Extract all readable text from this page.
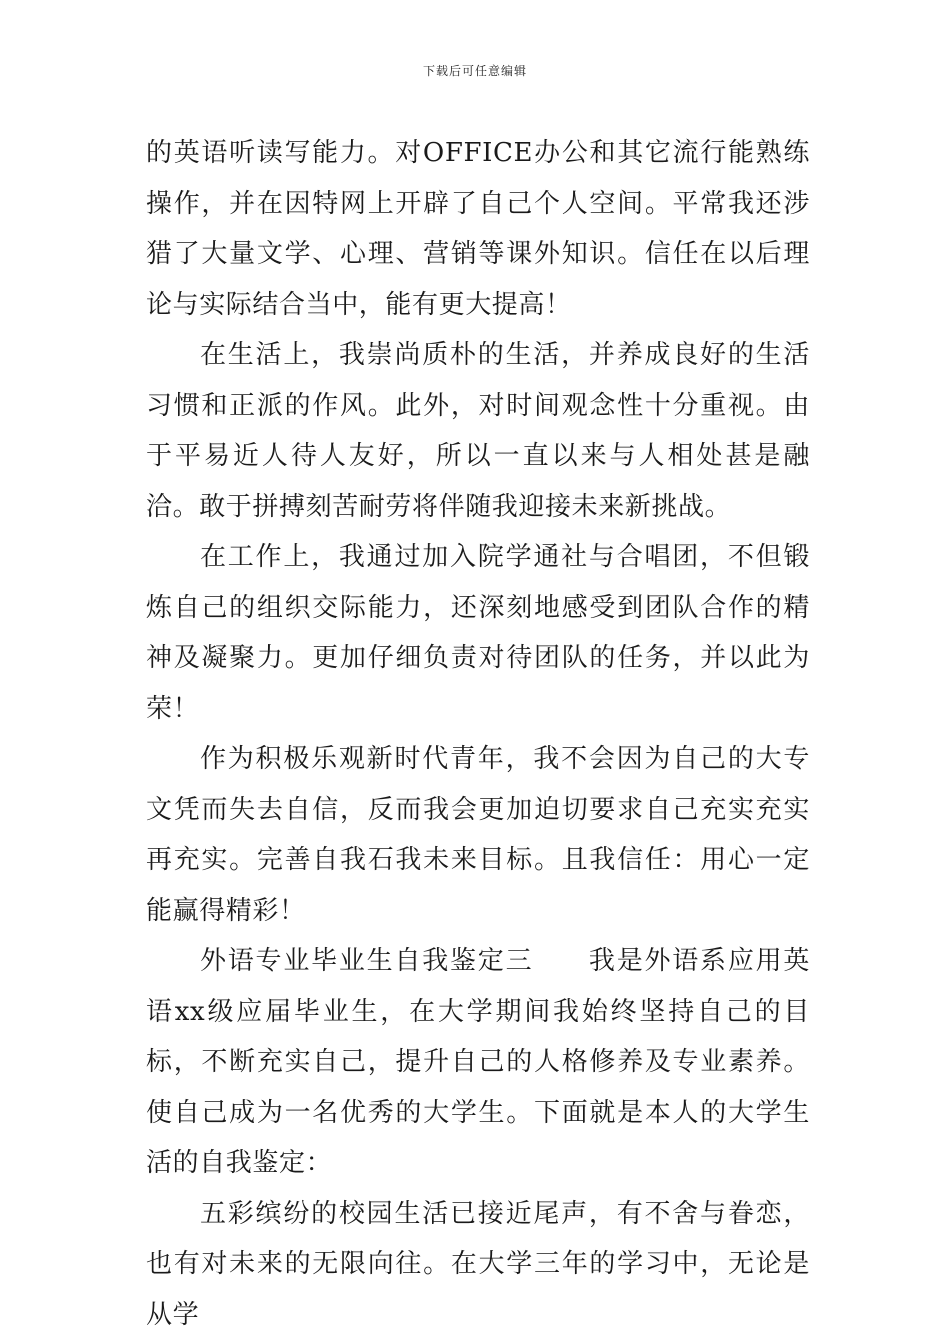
下载后可任意编辑

的英语听读写能力。对OFFICE办公和其它流行能熟练操作，并在因特网上开辟了自己个人空间。平常我还涉猎了大量文学、心理、营销等课外知识。信任在以后理论与实际结合当中，能有更大提高！

在生活上，我崇尚质朴的生活，并养成良好的生活习惯和正派的作风。此外，对时间观念性十分重视。由于平易近人待人友好，所以一直以来与人相处甚是融洽。敢于拼搏刻苦耐劳将伴随我迎接未来新挑战。

在工作上，我通过加入院学通社与合唱团，不但锻炼自己的组织交际能力，还深刻地感受到团队合作的精神及凝聚力。更加仔细负责对待团队的任务，并以此为荣！

作为积极乐观新时代青年，我不会因为自己的大专文凭而失去自信，反而我会更加迫切要求自己充实充实再充实。完善自我石我未来目标。且我信任：用心一定能赢得精彩！

外语专业毕业生自我鉴定三　　我是外语系应用英语xx级应届毕业生，在大学期间我始终坚持自己的目标，不断充实自己，提升自己的人格修养及专业素养。使自己成为一名优秀的大学生。下面就是本人的大学生活的自我鉴定：

五彩缤纷的校园生活已接近尾声，有不舍与眷恋，也有对未来的无限向往。在大学三年的学习中，无论是从学
